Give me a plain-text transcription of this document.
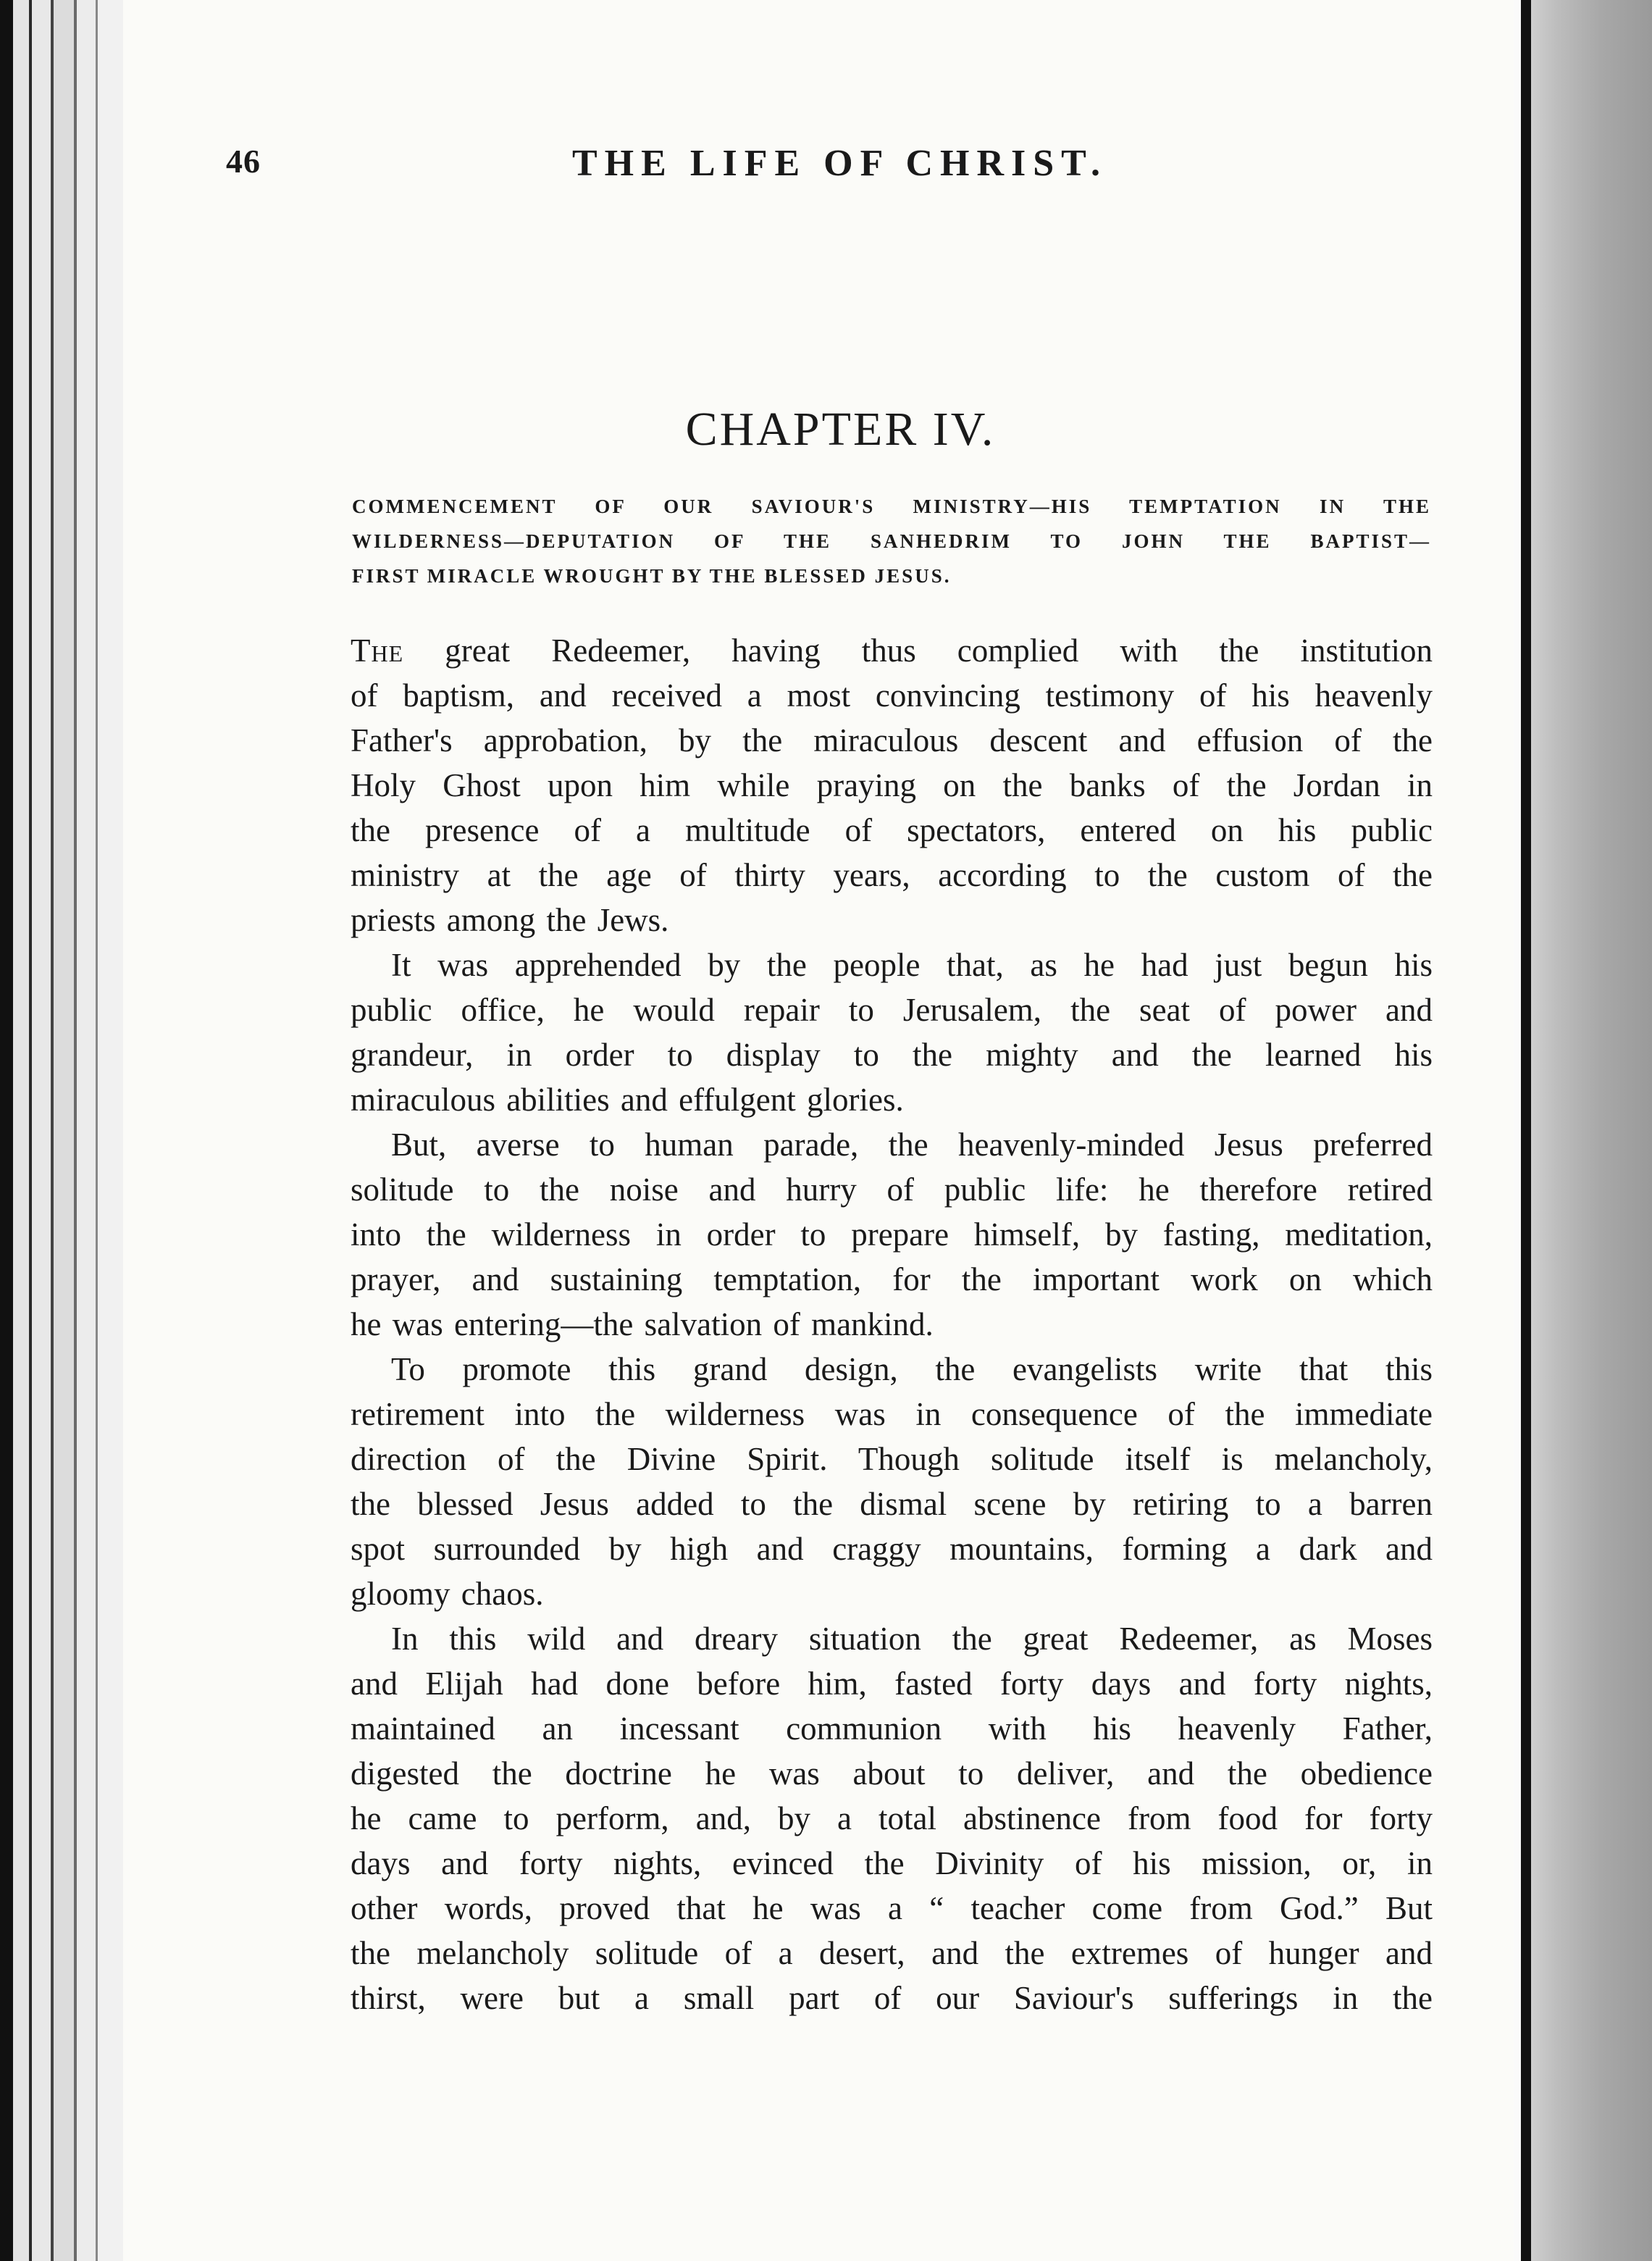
46	THE LIFE OF CHRIST.
CHAPTER IV.
COMMENCEMENT OF OUR SAVIOUR'S MINISTRY—HIS TEMPTATION IN THE
WILDERNESS—DEPUTATION OF THE SANHEDRIM TO JOHN THE BAPTIST—
FIRST MIRACLE WROUGHT BY THE BLESSED JESUS.
The great Redeemer, having thus complied with the institution
of baptism, and received a most convincing testimony of his heavenly
Father's approbation, by the miraculous descent and effusion of the
Holy Ghost upon him while praying on the banks of the Jordan in
the presence of a multitude of spectators, entered on his public
ministry at the age of thirty years, according to the custom of the
priests among the Jews.
It was apprehended by the people that, as he had just begun his
public office, he would repair to Jerusalem, the seat of power and
grandeur, in order to display to the mighty and the learned his
miraculous abilities and effulgent glories.
But, averse to human parade, the heavenly-minded Jesus preferred
solitude to the noise and hurry of public life: he therefore retired
into the wilderness in order to prepare himself, by fasting, meditation,
prayer, and sustaining temptation, for the important work on which
he was entering—the salvation of mankind.
To promote this grand design, the evangelists write that this
retirement into the wilderness was in consequence of the immediate
direction of the Divine Spirit. Though solitude itself is melancholy,
the blessed Jesus added to the dismal scene by retiring to a barren
spot surrounded by high and craggy mountains, forming a dark and
gloomy chaos.
In this wild and dreary situation the great Redeemer, as Moses
and Elijah had done before him, fasted forty days and forty nights,
maintained an incessant communion with his heavenly Father,
digested the doctrine he was about to deliver, and the obedience
he came to perform, and, by a total abstinence from food for forty
days and forty nights, evinced the Divinity of his mission, or, in
other words, proved that he was a “ teacher come from God.” But
the melancholy solitude of a desert, and the extremes of hunger and
thirst, were but a small part of our Saviour's sufferings in the
